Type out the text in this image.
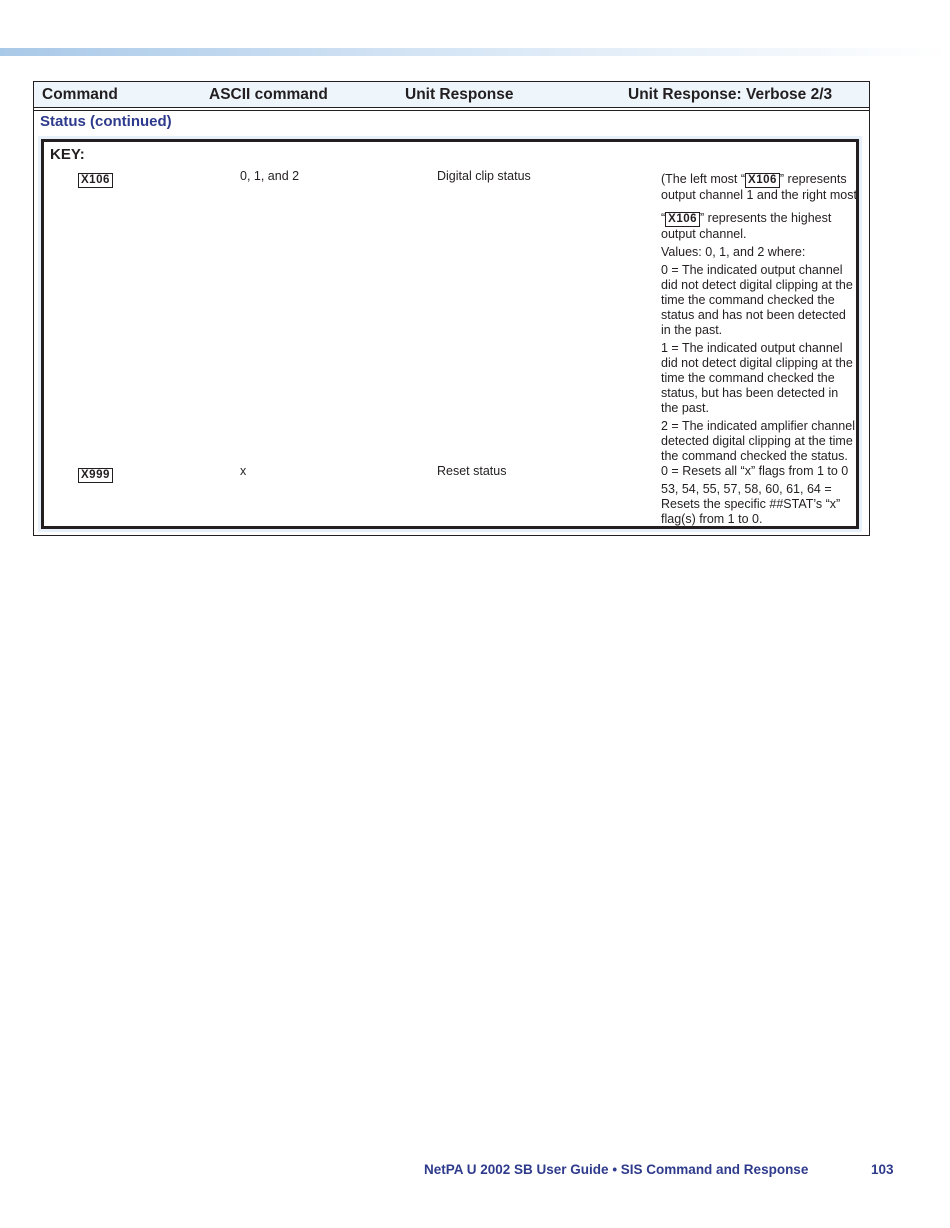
Command	ASCII command	Unit Response	Unit Response: Verbose 2/3
Status (continued)
KEY:
X106	0, 1, and 2	Digital clip status	(The left most “ X106 ” represents output channel 1 and the right most

“ X106 ” represents the highest output channel.

Values: 0, 1, and 2 where:

0 = The indicated output channel did not detect digital clipping at the time the command checked the status and has not been detected in the past.

1 = The indicated output channel did not detect digital clipping at the time the command checked the status, but has been detected in the past.

2 = The indicated amplifier channel detected digital clipping at the time the command checked the status.

X999	x	Reset status	0 = Resets all “x” flags from 1 to 0

53, 54, 55, 57, 58, 60, 61, 64 = Resets the specific ##STAT’s “x” flag(s) from 1 to 0.

NetPA U 2002 SB User Guide • SIS Command and Response	103
